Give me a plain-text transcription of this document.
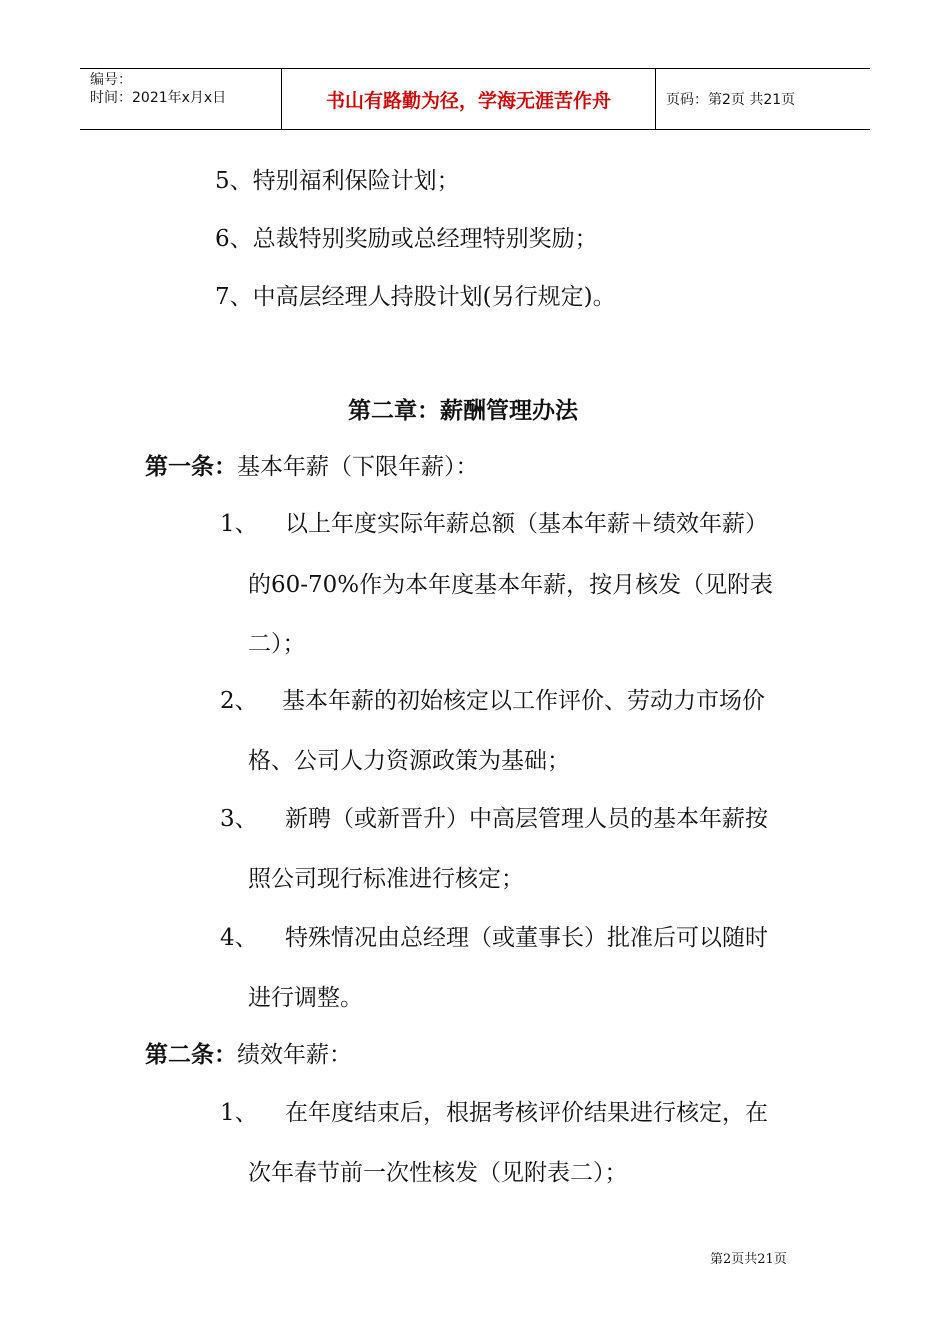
编号：
时间：2021年x月x日	书山有路勤为径，学海无涯苦作舟	页码：第2页 共21页
5、特别福利保险计划；
6、总裁特别奖励或总经理特别奖励；
7、中高层经理人持股计划(另行规定)。
第二章：薪酬管理办法
第一条：基本年薪（下限年薪）：
1、 以上年度实际年薪总额（基本年薪＋绩效年薪）
的60-70%作为本年度基本年薪，按月核发（见附表
二）；
2、 基本年薪的初始核定以工作评价、劳动力市场价
格、公司人力资源政策为基础；
3、 新聘（或新晋升）中高层管理人员的基本年薪按
照公司现行标准进行核定；
4、 特殊情况由总经理（或董事长）批准后可以随时
进行调整。
第二条：绩效年薪：
1、 在年度结束后，根据考核评价结果进行核定，在
次年春节前一次性核发（见附表二）；
第2页共21页
